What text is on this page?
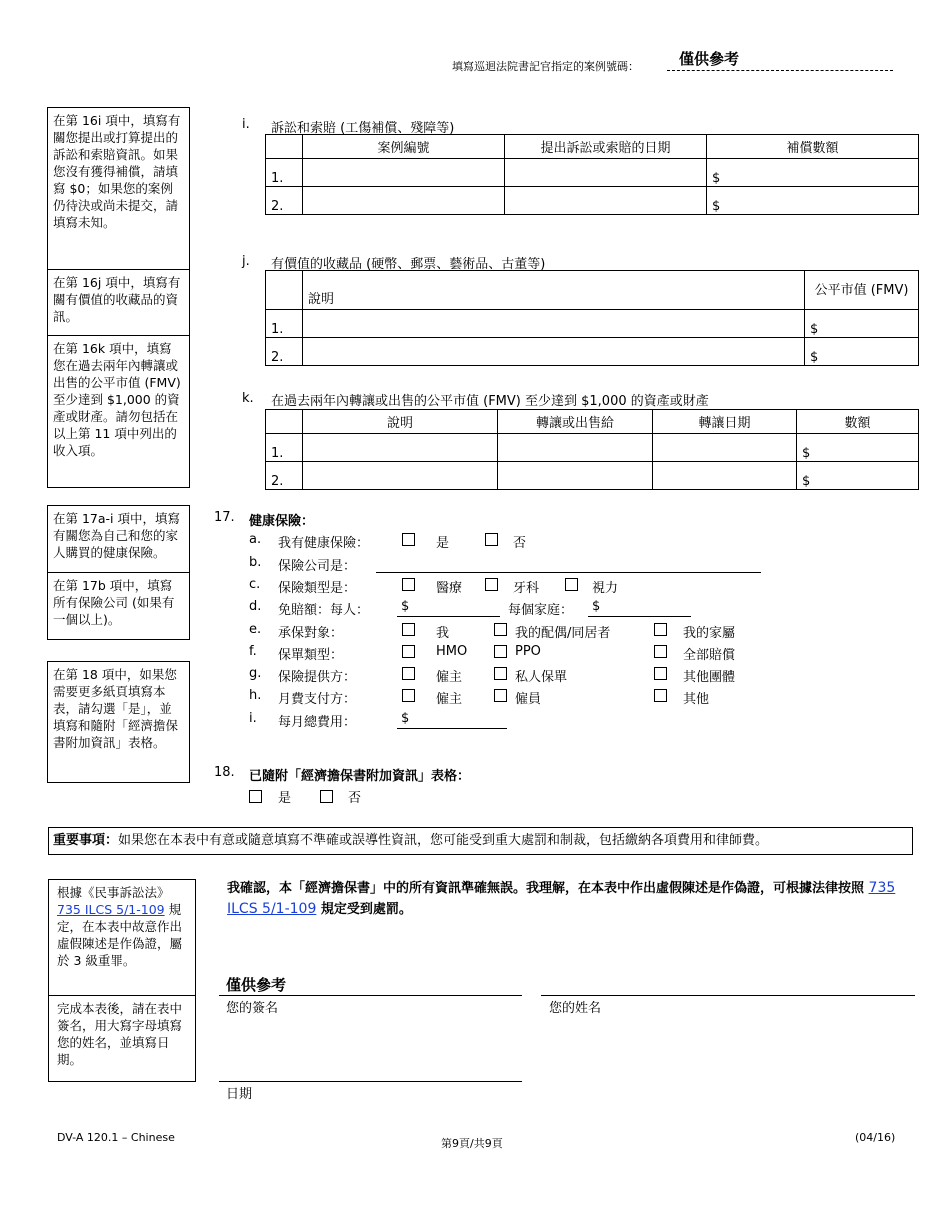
填寫巡迴法院書記官指定的案例號碼：	僅供參考
在第 16i 項中，填寫有關您提出或打算提出的訴訟和索賠資訊。如果您沒有獲得補償，請填寫 $0；如果您的案例仍待決或尚未提交，請填寫未知。
在第 16j 項中，填寫有關有價值的收藏品的資訊。
在第 16k 項中，填寫您在過去兩年內轉讓或出售的公平市值 (FMV) 至少達到 $1,000 的資產或財產。請勿包括在以上第 11 項中列出的收入項。
在第 17a-i 項中，填寫有關您為自己和您的家人購買的健康保險。
在第 17b 項中，填寫所有保險公司 (如果有一個以上)。
在第 18 項中，如果您需要更多紙頁填寫本表，請勾選「是」，並填寫和隨附「經濟擔保書附加資訊」表格。
根據《民事訴訟法》735 ILCS 5/1-109 規定，在本表中故意作出虛假陳述是作偽證，屬於 3 級重罪。
完成本表後，請在表中簽名，用大寫字母填寫您的姓名，並填寫日期。
i. 訴訟和索賠 (工傷補償、殘障等)
	案例編號	提出訴訟或索賠的日期	補償數額
1.			$
2.			$
j. 有價值的收藏品 (硬幣、郵票、藝術品、古董等)
	說明	公平市值 (FMV)
1.		$
2.		$
k. 在過去兩年內轉讓或出售的公平市值 (FMV) 至少達到 $1,000 的資產或財產
	說明	轉讓或出售給	轉讓日期	數額
1.				$
2.				$
17. 健康保險：
a. 我有健康保險：	是	否
b. 保險公司是：
c. 保險類型是：	醫療	牙科	視力
d. 免賠額：每人： $	每個家庭： $
e. 承保對象：	我	我的配偶/同居者	我的家屬
f. 保單類型：	HMO	PPO	全部賠償
g. 保險提供方：	僱主	私人保單	其他團體
h. 月費支付方：	僱主	僱員	其他
i. 每月總費用：	$
18. 已隨附「經濟擔保書附加資訊」表格：
是	否
重要事項：如果您在本表中有意或隨意填寫不準確或誤導性資訊，您可能受到重大處罰和制裁，包括繳納各項費用和律師費。
我確認，本「經濟擔保書」中的所有資訊準確無誤。我理解，在本表中作出虛假陳述是作偽證，可根據法律按照 735 ILCS 5/1-109 規定受到處罰。
僅供參考
您的簽名	您的姓名
日期
DV-A 120.1 – Chinese	第9頁/共9頁	(04/16)
